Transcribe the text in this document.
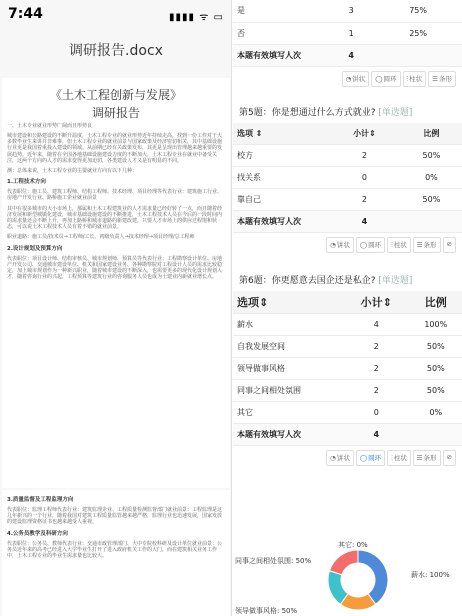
7:44	▮▮▮▮ ᯤ ▭
调研报告.docx
《土木工程创新与发展》
调研报告
一、土木专业就业形势广阔而且形势良

城市建设和公路建设的不断升温度，土木工程专业的就业形势近年持续走高，找到一份工作对于大多数毕业生来讲并非难事，但土木工程专业的就业前景与国家政策及经济密切相关，其中基础设施行业更是我国着重投入建设的领域。从前期已经有关政策发布，其更是呈现出管理越来越重要的发展趋势。近年来，随着在全国各地基础设施建设力度的不断加大，土木工程专业在就业中备受关注，这两个方向的人才的需求变得更加迫切，各类建设人才又是有明显的不同。

测：总体来说，土木工程专业的主要就业方向有以下几种：

1.工程技术方向

代表职位：施工员、建筑工程师、结构工程师、技术经理、项目经理等代表行业：建筑施工行业、房地产开发行业、路桥施工企业就业前景

其中在很多城市的大小市场上，那属和土木工程建筑业的人才需求量已经好转了一点，而且随着经济发展和新型城镇化建设，城市基础设施建设的不断推进，土木工程技术人员在今后的一段时间内的需求量还会不断上升，再加上路桥和城市道路的新建改建，只要人才市场上的供应过程饱和状态，可以说土木工程技术人员有着不错的就业前景。

职业道路：施工员/技术员→工程师/工长、初级负责人→技术经理→项目经理/总工程师

2.设计规划及预算方向

代表职位：项目设计师、结构审核员、城市规划师、预算员等代表行业：工程勘察设计单位、房地产开发公司、交通城市建设单位、机关和国家建设业务、各种勘察院对工程设计人员的需求比较稳定，加上城市规划作为一种新兴职业，随着城市建设的不断深入，也需要更多的现代化设计规划人才，随着咨询行业的兴起，工程预算等建筑行业的咨询服务人员也成为土建业内新就业增长点。

3.质量监督及工程监理方向

代表职位：监理工程师代表行业：建筑监理企业、工程质量检测监督部门就业前景：工程监理是这几年新兴的一个行业，随着我国对建筑工程质量监管越来越严格，监理行业也迅速发展，国家发放的建设监理资格证书也越来越受人重视。

4.公务员教学及科研方向

代表职位：公务员、教师代表行业：交通市政管理部门、大中专院校科研及设计单位就业前景：公务员近年来的高考已经进入大学毕业生打开了进入政府机关工作的大门，而在建筑相关业务工作中，土木工程专业的毕业生需求量也比较大。

是	3	75%
否	1	25%
本题有效填写人次	4	
◔饼状	◯圆环	⫶柱状	☰条形
第5题：你是想通过什么方式就业? [单选题]
选项 ⇕	小计⇕	比例
校方	2	50%
找关系	0	0%
靠自己	2	50%
本题有效填写人次	4	
◔饼状	◯圆环	⫶柱状	☰条形	⊘
第6题：你更愿意去国企还是私企? [单选题]
选项⇕	小计⇕	比例
薪水	4	100%
自我发展空间	2	50%
领导做事风格	2	50%
同事之间相处氛围	2	50%
其它	0	0%
本题有效填写人次	4	
◔饼状	◯圆环	⫶柱状	☰条形	⊘
薪水: 100%
领导做事风格: 50%
同事之间相处氛围: 50%
其它: 0%
